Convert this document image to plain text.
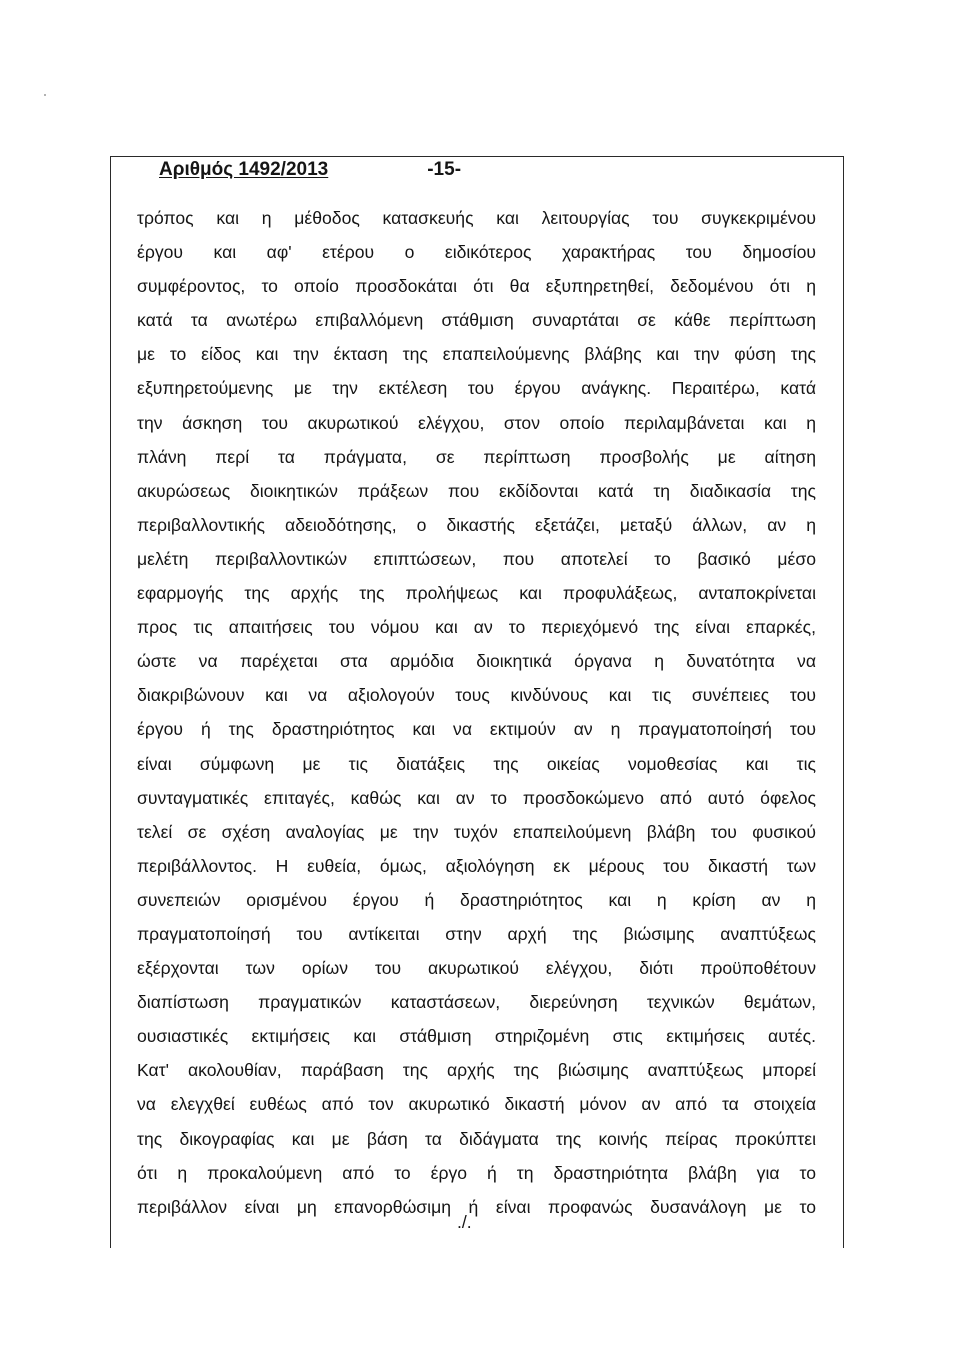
Αριθμός 1492/2013	-15-
τρόπος και η μέθοδος κατασκευής και λειτουργίας του συγκεκριμένου
έργου και αφ' ετέρου ο ειδικότερος χαρακτήρας του δημοσίου
συμφέροντος, το οποίο προσδοκάται ότι θα εξυπηρετηθεί, δεδομένου ότι η
κατά τα ανωτέρω επιβαλλόμενη στάθμιση συναρτάται σε κάθε περίπτωση
με το είδος και την έκταση της επαπειλούμενης βλάβης και την φύση της
εξυπηρετούμενης με την εκτέλεση του έργου ανάγκης. Περαιτέρω, κατά
την άσκηση του ακυρωτικού ελέγχου, στον οποίο περιλαμβάνεται και η
πλάνη περί τα πράγματα, σε περίπτωση προσβολής με αίτηση
ακυρώσεως διοικητικών πράξεων που εκδίδονται κατά τη διαδικασία της
περιβαλλοντικής αδειοδότησης, ο δικαστής εξετάζει, μεταξύ άλλων, αν η
μελέτη περιβαλλοντικών επιπτώσεων, που αποτελεί το βασικό μέσο
εφαρμογής της αρχής της προλήψεως και προφυλάξεως, ανταποκρίνεται
προς τις απαιτήσεις του νόμου και αν το περιεχόμενό της είναι επαρκές,
ώστε να παρέχεται στα αρμόδια διοικητικά όργανα η δυνατότητα να
διακριβώνουν και να αξιολογούν τους κινδύνους και τις συνέπειες του
έργου ή της δραστηριότητος και να εκτιμούν αν η πραγματοποίησή του
είναι σύμφωνη με τις διατάξεις της οικείας νομοθεσίας και τις
συνταγματικές επιταγές, καθώς και αν το προσδοκώμενο από αυτό όφελος
τελεί σε σχέση αναλογίας με την τυχόν επαπειλούμενη βλάβη του φυσικού
περιβάλλοντος. Η ευθεία, όμως, αξιολόγηση εκ μέρους του δικαστή των
συνεπειών ορισμένου έργου ή δραστηριότητος και η κρίση αν η
πραγματοποίησή του αντίκειται στην αρχή της βιώσιμης αναπτύξεως
εξέρχονται των ορίων του ακυρωτικού ελέγχου, διότι προϋποθέτουν
διαπίστωση πραγματικών καταστάσεων, διερεύνηση τεχνικών θεμάτων,
ουσιαστικές εκτιμήσεις και στάθμιση στηριζομένη στις εκτιμήσεις αυτές.
Κατ' ακολουθίαν, παράβαση της αρχής της βιώσιμης αναπτύξεως μπορεί
να ελεγχθεί ευθέως από τον ακυρωτικό δικαστή μόνον αν από τα στοιχεία
της δικογραφίας και με βάση τα διδάγματα της κοινής πείρας προκύπτει
ότι η προκαλούμενη από το έργο ή τη δραστηριότητα βλάβη για το
περιβάλλον είναι μη επανορθώσιμη ή είναι προφανώς δυσανάλογη με το
./.
